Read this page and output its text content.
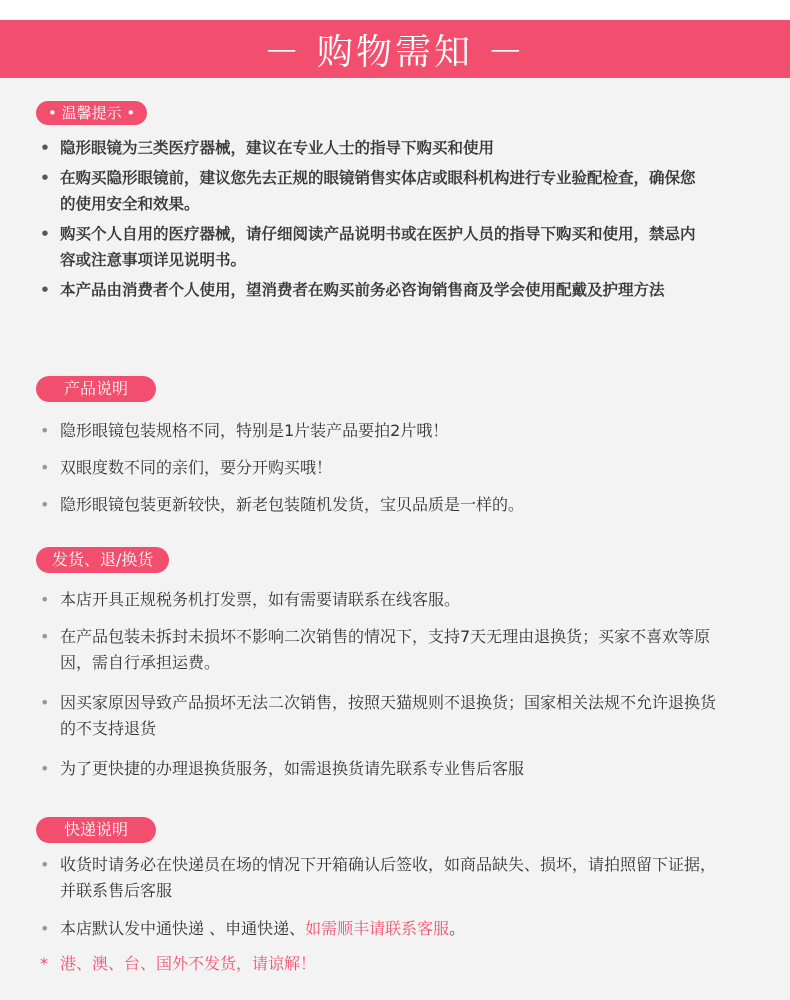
－ 购物需知 －
• 温馨提示 •
• 隐形眼镜为三类医疗器械，建议在专业人士的指导下购买和使用
• 在购买隐形眼镜前，建议您先去正规的眼镜销售实体店或眼科机构进行专业验配检查，确保您的使用安全和效果。
• 购买个人自用的医疗器械，请仔细阅读产品说明书或在医护人员的指导下购买和使用，禁忌内容或注意事项详见说明书。
• 本产品由消费者个人使用，望消费者在购买前务必咨询销售商及学会使用配戴及护理方法
产品说明
• 隐形眼镜包装规格不同，特别是1片装产品要拍2片哦！
• 双眼度数不同的亲们，要分开购买哦！
• 隐形眼镜包装更新较快，新老包装随机发货，宝贝品质是一样的。
发货、退/换货
• 本店开具正规税务机打发票，如有需要请联系在线客服。
• 在产品包装未拆封未损坏不影响二次销售的情况下，支持7天无理由退换货；买家不喜欢等原因，需自行承担运费。
• 因买家原因导致产品损坏无法二次销售，按照天猫规则不退换货；国家相关法规不允许退换货的不支持退货
• 为了更快捷的办理退换货服务，如需退换货请先联系专业售后客服
快递说明
• 收货时请务必在快递员在场的情况下开箱确认后签收，如商品缺失、损坏，请拍照留下证据，并联系售后客服
• 本店默认发中通快递 、申通快递、如需顺丰请联系客服。
* 港、澳、台、国外不发货，请谅解！
